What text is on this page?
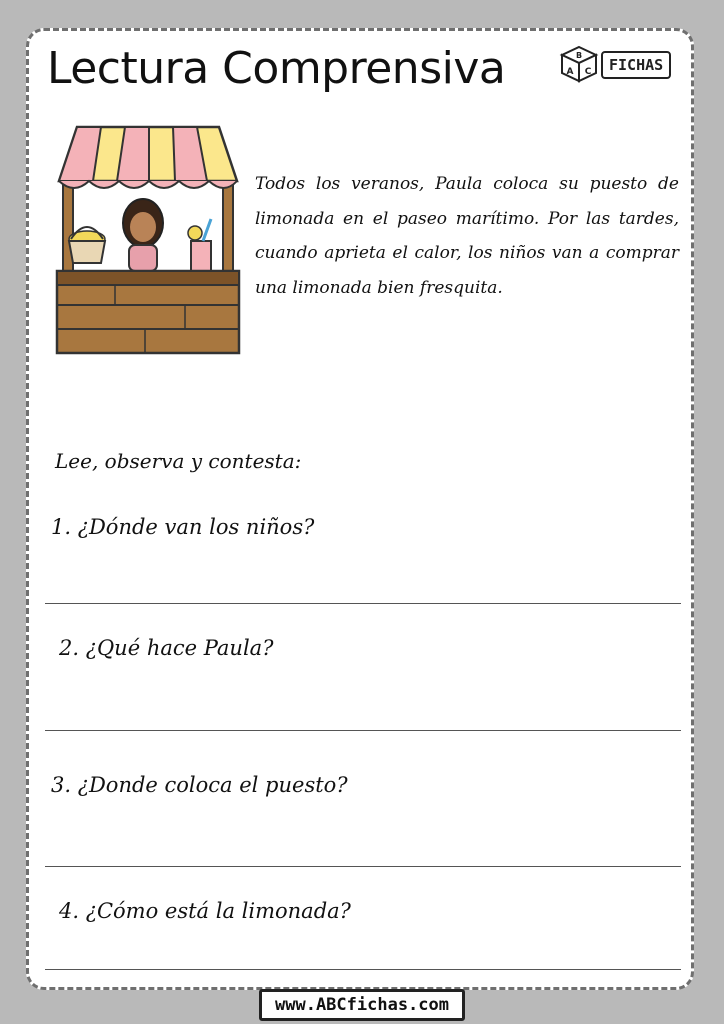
Lectura Comprensiva	B
A C	FICHAS
Todos los veranos, Paula coloca su puesto de limonada en el paseo marítimo. Por las tardes, cuando aprieta el calor, los niños van a comprar una limonada bien fresquita.
Lee, observa y contesta:
1. ¿Dónde van los niños?
2. ¿Qué hace Paula?
3. ¿Donde coloca el puesto?
4. ¿Cómo está la limonada?
www.ABCfichas.com
